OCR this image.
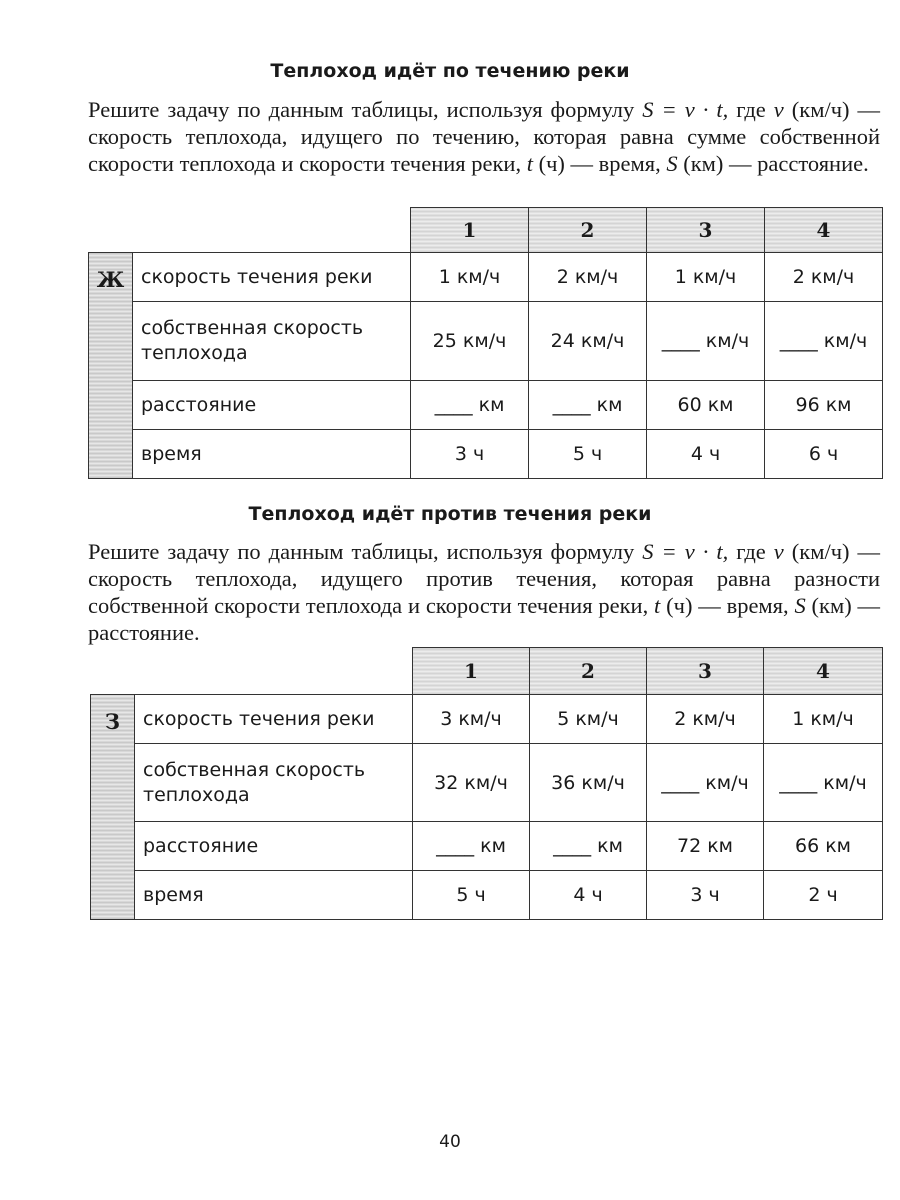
Теплоход идёт по течению реки

Решите задачу по данным таблицы, используя формулу S = v · t, где v (км/ч) — скорость теплохода, идущего по течению, которая равна сумме собственной скорости теплохода и скорости течения реки, t (ч) — время, S (км) — расстояние.

		1	2	3	4
Ж	скорость течения реки	1 км/ч	2 км/ч	1 км/ч	2 км/ч
	собственная скорость теплохода	25 км/ч	24 км/ч	____ км/ч	____ км/ч
	расстояние	____ км	____ км	60 км	96 км
	время	3 ч	5 ч	4 ч	6 ч
Теплоход идёт против течения реки

Решите задачу по данным таблицы, используя формулу S = v · t, где v (км/ч) —скорость теплохода, идущего против течения, которая равна разности собственной скорости теплохода и скорости течения реки, t (ч) — время, S (км) — расстояние.

		1	2	3	4
З	скорость течения реки	3 км/ч	5 км/ч	2 км/ч	1 км/ч
	собственная скорость теплохода	32 км/ч	36 км/ч	____ км/ч	____ км/ч
	расстояние	____ км	____ км	72 км	66 км
	время	5 ч	4 ч	3 ч	2 ч
40
